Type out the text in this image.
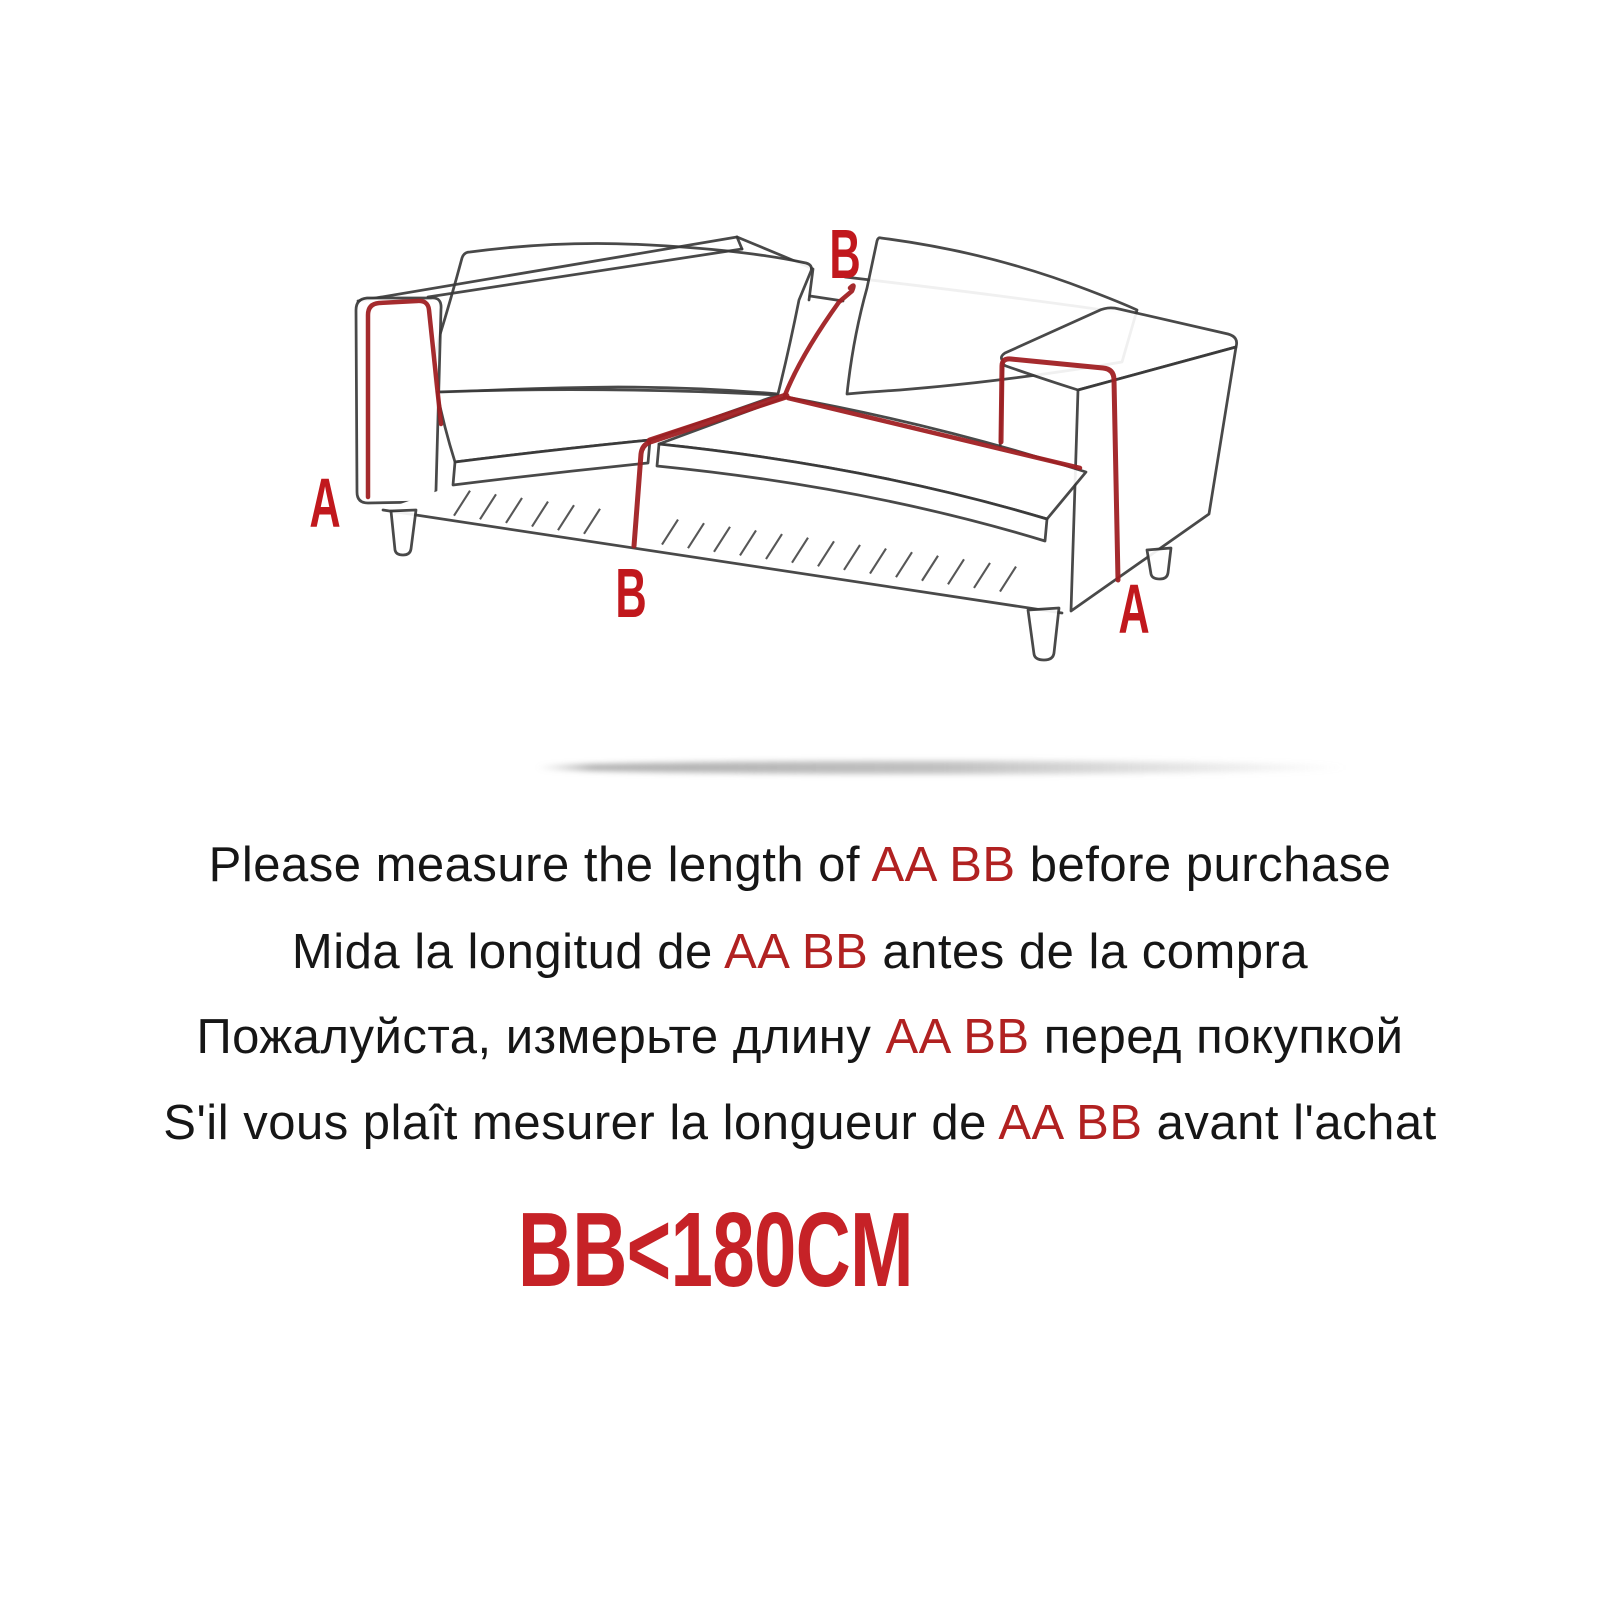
A
B
B	A

Please measure the length of AA BB before purchase

Mida la longitud de AA BB antes de la compra

Пожалуйста, измерьте длину AA BB перед покупкой

S'il vous plaît mesurer la longueur de AA BB avant l'achat

BB<180CM
